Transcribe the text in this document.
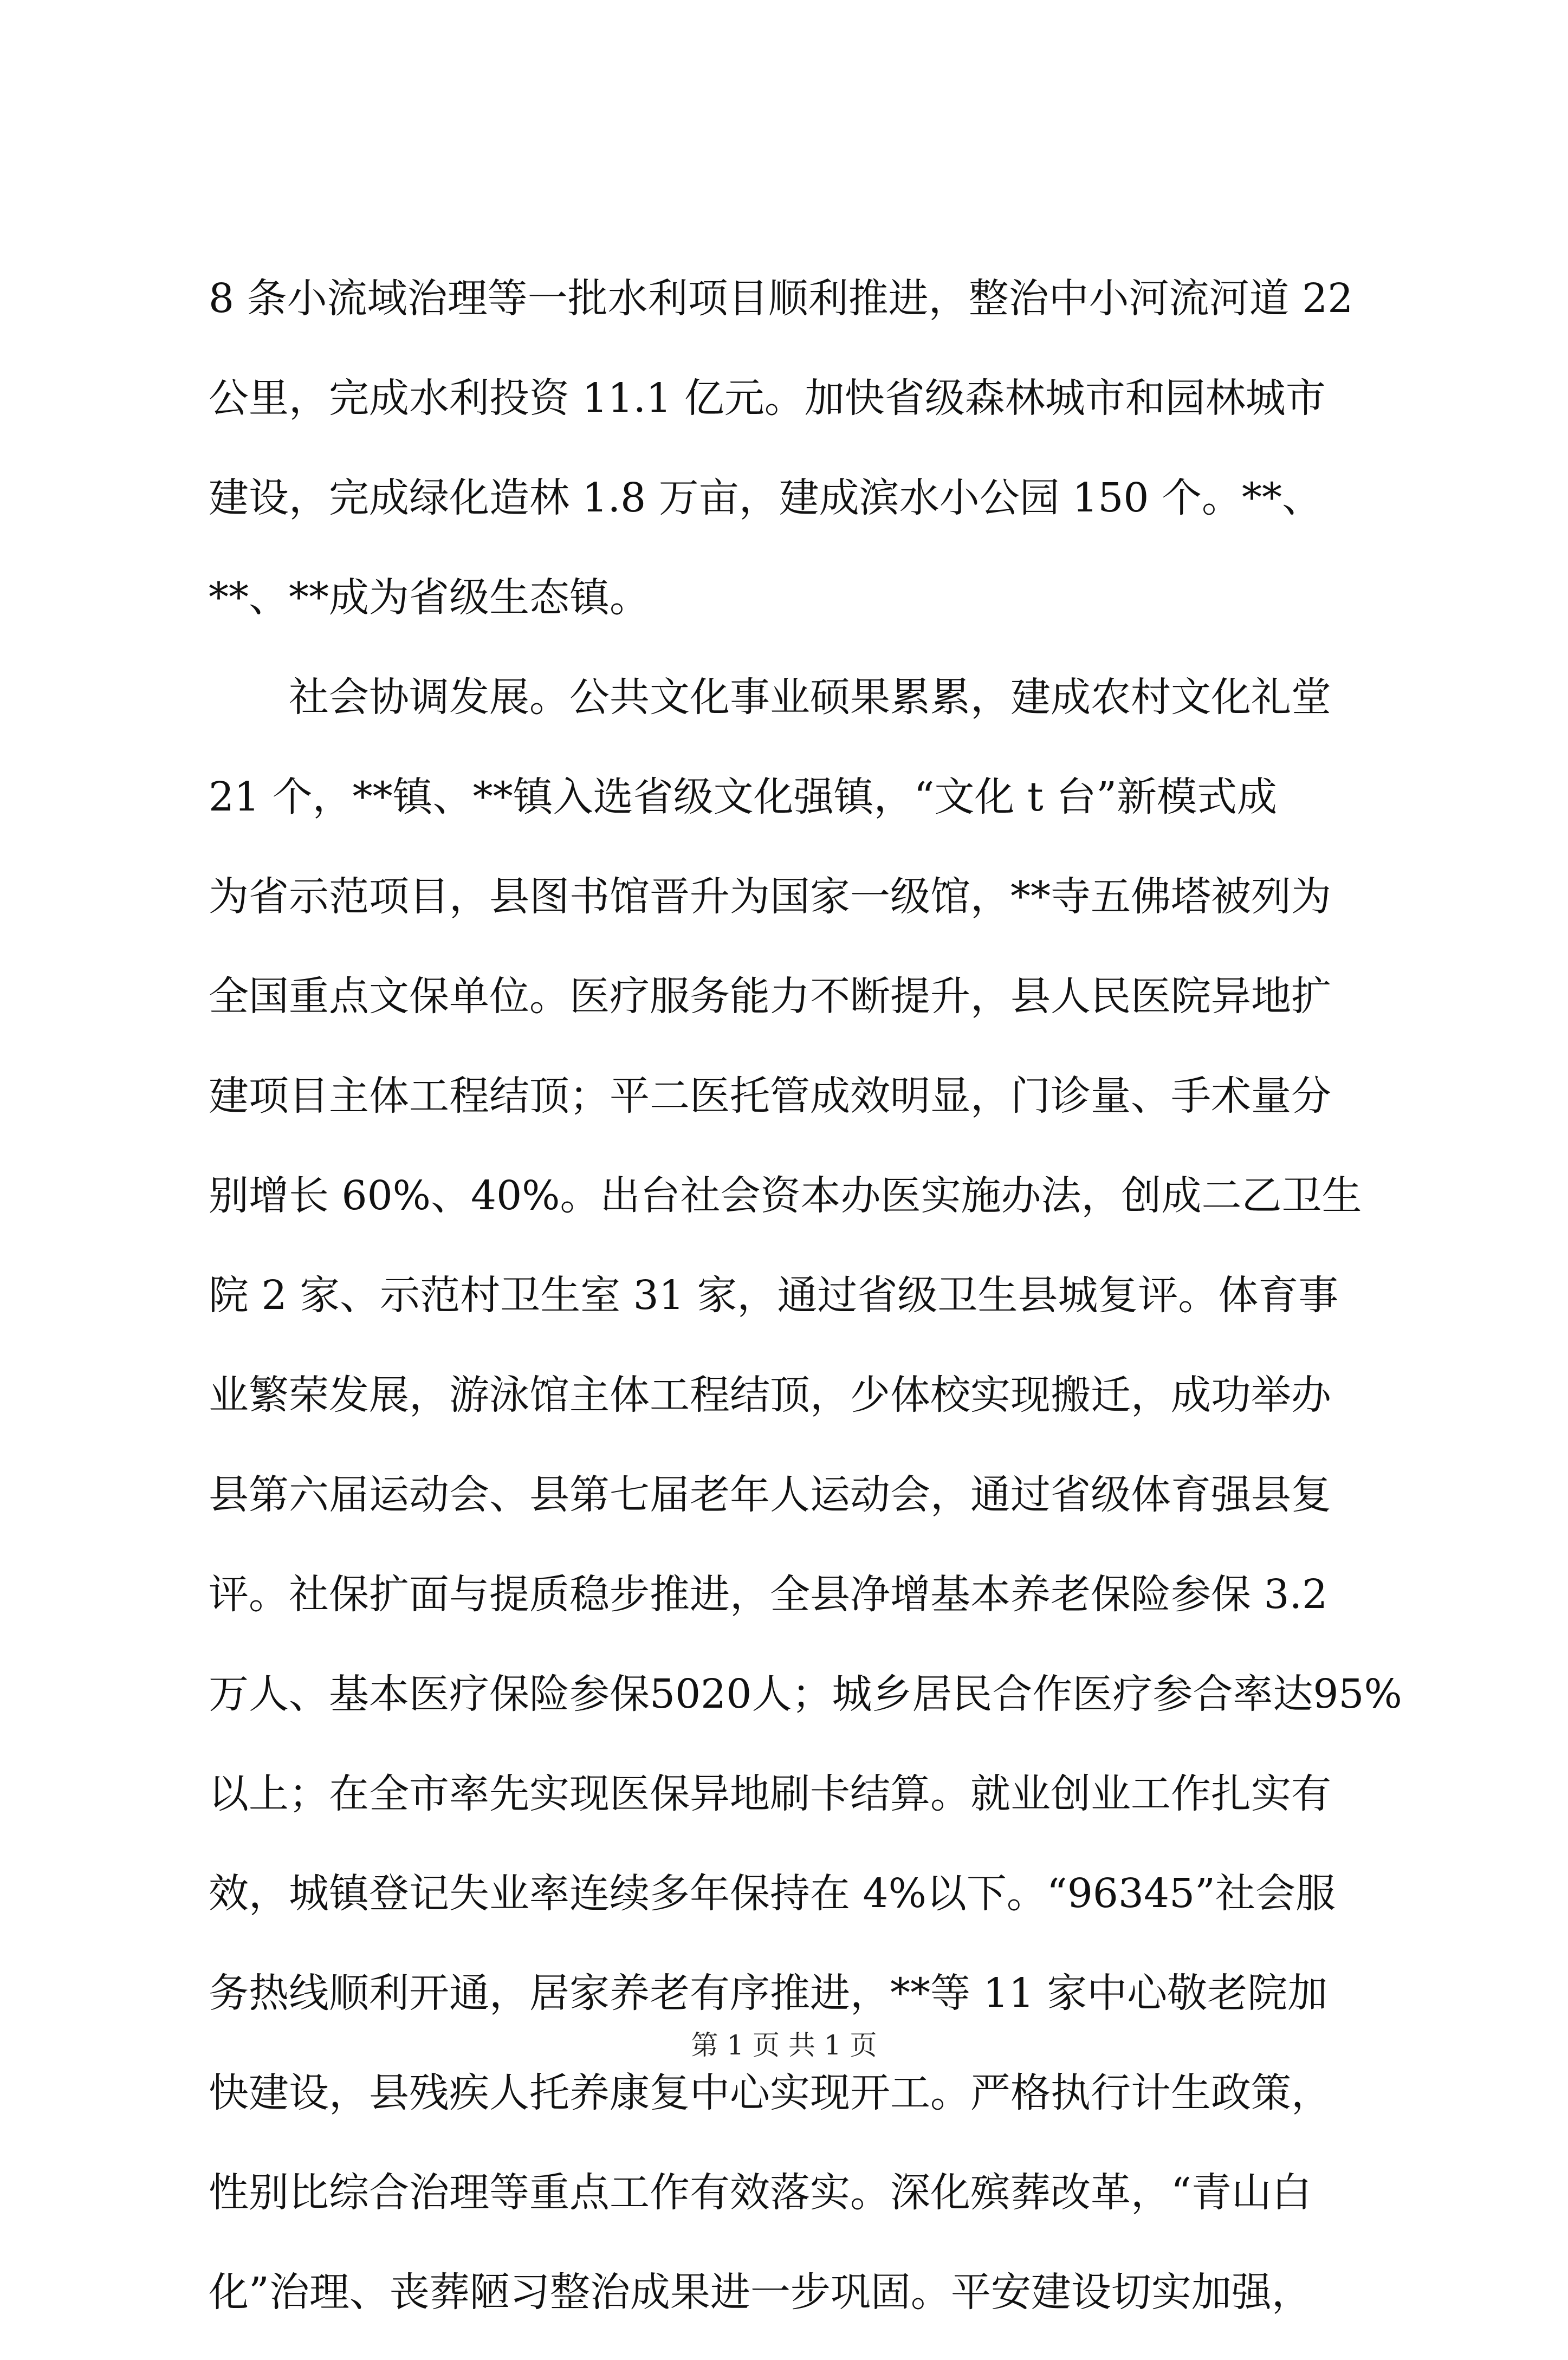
8 条小流域治理等一批水利项目顺利推进，整治中小河流河道 22
公里，完成水利投资 11.1 亿元。加快省级森林城市和园林城市
建设，完成绿化造林 1.8 万亩，建成滨水小公园 150 个。**、
**、**成为省级生态镇。
社会协调发展。公共文化事业硕果累累，建成农村文化礼堂
21 个，**镇、**镇入选省级文化强镇，“文化 t 台”新模式成
为省示范项目，县图书馆晋升为国家一级馆，**寺五佛塔被列为
全国重点文保单位。医疗服务能力不断提升，县人民医院异地扩
建项目主体工程结顶；平二医托管成效明显，门诊量、手术量分
别增长 60%、40%。出台社会资本办医实施办法，创成二乙卫生
院 2 家、示范村卫生室 31 家，通过省级卫生县城复评。体育事
业繁荣发展，游泳馆主体工程结顶，少体校实现搬迁，成功举办
县第六届运动会、县第七届老年人运动会，通过省级体育强县复
评。社保扩面与提质稳步推进，全县净增基本养老保险参保 3.2
万人、基本医疗保险参保5020人；城乡居民合作医疗参合率达95%
以上；在全市率先实现医保异地刷卡结算。就业创业工作扎实有
效，城镇登记失业率连续多年保持在 4%以下。“96345”社会服
务热线顺利开通，居家养老有序推进，**等 11 家中心敬老院加
快建设，县残疾人托养康复中心实现开工。严格执行计生政策，
性别比综合治理等重点工作有效落实。深化殡葬改革，“青山白
化”治理、丧葬陋习整治成果进一步巩固。平安建设切实加强，
第 1 页 共 1 页
